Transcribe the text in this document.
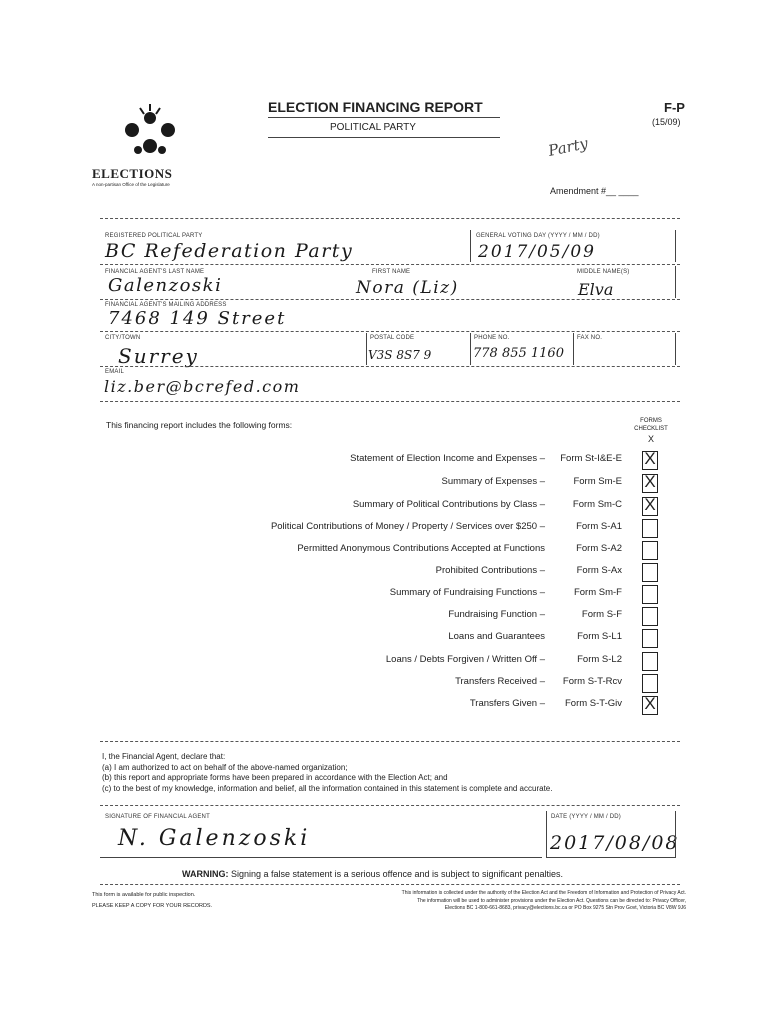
ELECTIONS
A non-partisan Office of the Legislature
ELECTION FINANCING REPORT
POLITICAL PARTY
F-P
(15/09)
Party
Amendment #__ ____
REGISTERED POLITICAL PARTY
BC Refederation Party
GENERAL VOTING DAY (YYYY / MM / DD)
2017/05/09
FINANCIAL AGENT'S LAST NAME
Galenzoski
FIRST NAME
Nora (Liz)
MIDDLE NAME(S)
Elva
FINANCIAL AGENT'S MAILING ADDRESS
7468 149 Street
CITY/TOWN
Surrey
POSTAL CODE
V3S 8S7 9
PHONE NO.
778 855 1160
FAX NO.
EMAIL
liz.ber@bcrefed.com
This financing report includes the following forms:	FORMS
CHECKLIST
X
Statement of Election Income and Expenses –	Form St-I&E-E X
Summary of Expenses –	Form Sm-E X
Summary of Political Contributions by Class –	Form Sm-C X
Political Contributions of Money / Property / Services over $250 –	Form S-A1
Permitted Anonymous Contributions Accepted at Functions	Form S-A2
Prohibited Contributions –	Form S-Ax
Summary of Fundraising Functions –	Form Sm-F
Fundraising Function –	Form S-F
Loans and Guarantees	Form S-L1
Loans / Debts Forgiven / Written Off –	Form S-L2
Transfers Received –	Form S-T-Rcv
Transfers Given –	Form S-T-Giv X
I, the Financial Agent, declare that:
(a) I am authorized to act on behalf of the above-named organization;
(b) this report and appropriate forms have been prepared in accordance with the Election Act; and
(c) to the best of my knowledge, information and belief, all the information contained in this statement is complete and accurate.
SIGNATURE OF FINANCIAL AGENT
N. Galenzoski
DATE (YYYY / MM / DD)
2017/08/08
WARNING: Signing a false statement is a serious offence and is subject to significant penalties.
This form is available for public inspection.
PLEASE KEEP A COPY FOR YOUR RECORDS.
This information is collected under the authority of the Election Act and the Freedom of Information and Protection of Privacy Act.
The information will be used to administer provisions under the Election Act. Questions can be directed to: Privacy Officer,
Elections BC 1-800-661-8683, privacy@elections.bc.ca or PO Box 9275 Stn Prov Govt, Victoria BC V8W 9J6
